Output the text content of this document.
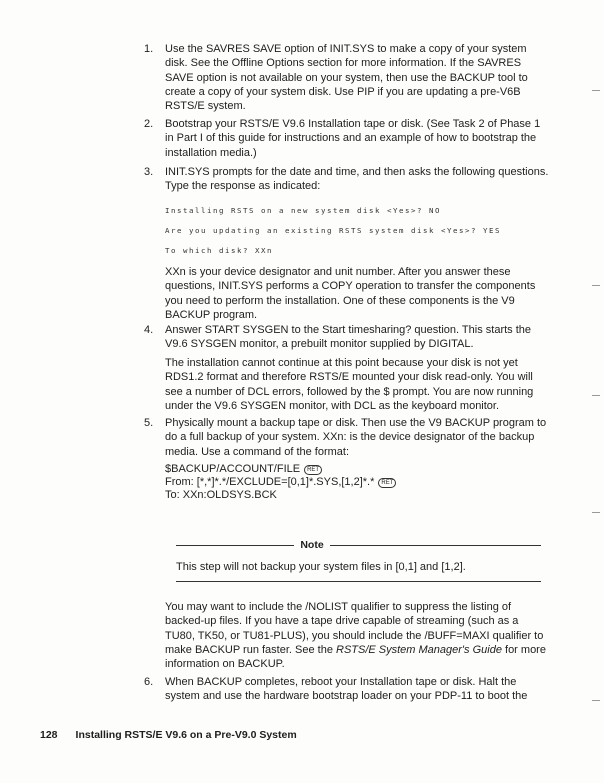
1. Use the SAVRES SAVE option of INIT.SYS to make a copy of your system disk. See the Offline Options section for more information. If the SAVRES SAVE option is not available on your system, then use the BACKUP tool to create a copy of your system disk. Use PIP if you are updating a pre-V6B RSTS/E system.
2. Bootstrap your RSTS/E V9.6 Installation tape or disk. (See Task 2 of Phase 1 in Part I of this guide for instructions and an example of how to bootstrap the installation media.)
3. INIT.SYS prompts for the date and time, and then asks the following questions. Type the response as indicated:
Installing RSTS on a new system disk <Yes>? NO
Are you updating an existing RSTS system disk <Yes>? YES
To which disk? XXn
XXn is your device designator and unit number. After you answer these questions, INIT.SYS performs a COPY operation to transfer the components you need to perform the installation. One of these components is the V9 BACKUP program.
4. Answer START SYSGEN to the Start timesharing? question. This starts the V9.6 SYSGEN monitor, a prebuilt monitor supplied by DIGITAL.
The installation cannot continue at this point because your disk is not yet RDS1.2 format and therefore RSTS/E mounted your disk read-only. You will see a number of DCL errors, followed by the $ prompt. You are now running under the V9.6 SYSGEN monitor, with DCL as the keyboard monitor.
5. Physically mount a backup tape or disk. Then use the V9 BACKUP program to do a full backup of your system. XXn: is the device designator of the backup media. Use a command of the format:
$BACKUP/ACCOUNT/FILE RET
From: [*,*]*.*/EXCLUDE=[0,1]*.SYS,[1,2]*.* RET
To: XXn:OLDSYS.BCK
Note
This step will not backup your system files in [0,1] and [1,2].
You may want to include the /NOLIST qualifier to suppress the listing of backed-up files. If you have a tape drive capable of streaming (such as a TU80, TK50, or TU81-PLUS), you should include the /BUFF=MAXI qualifier to make BACKUP run faster. See the RSTS/E System Manager's Guide for more information on BACKUP.
6. When BACKUP completes, reboot your Installation tape or disk. Halt the system and use the hardware bootstrap loader on your PDP-11 to boot the
128 Installing RSTS/E V9.6 on a Pre-V9.0 System
